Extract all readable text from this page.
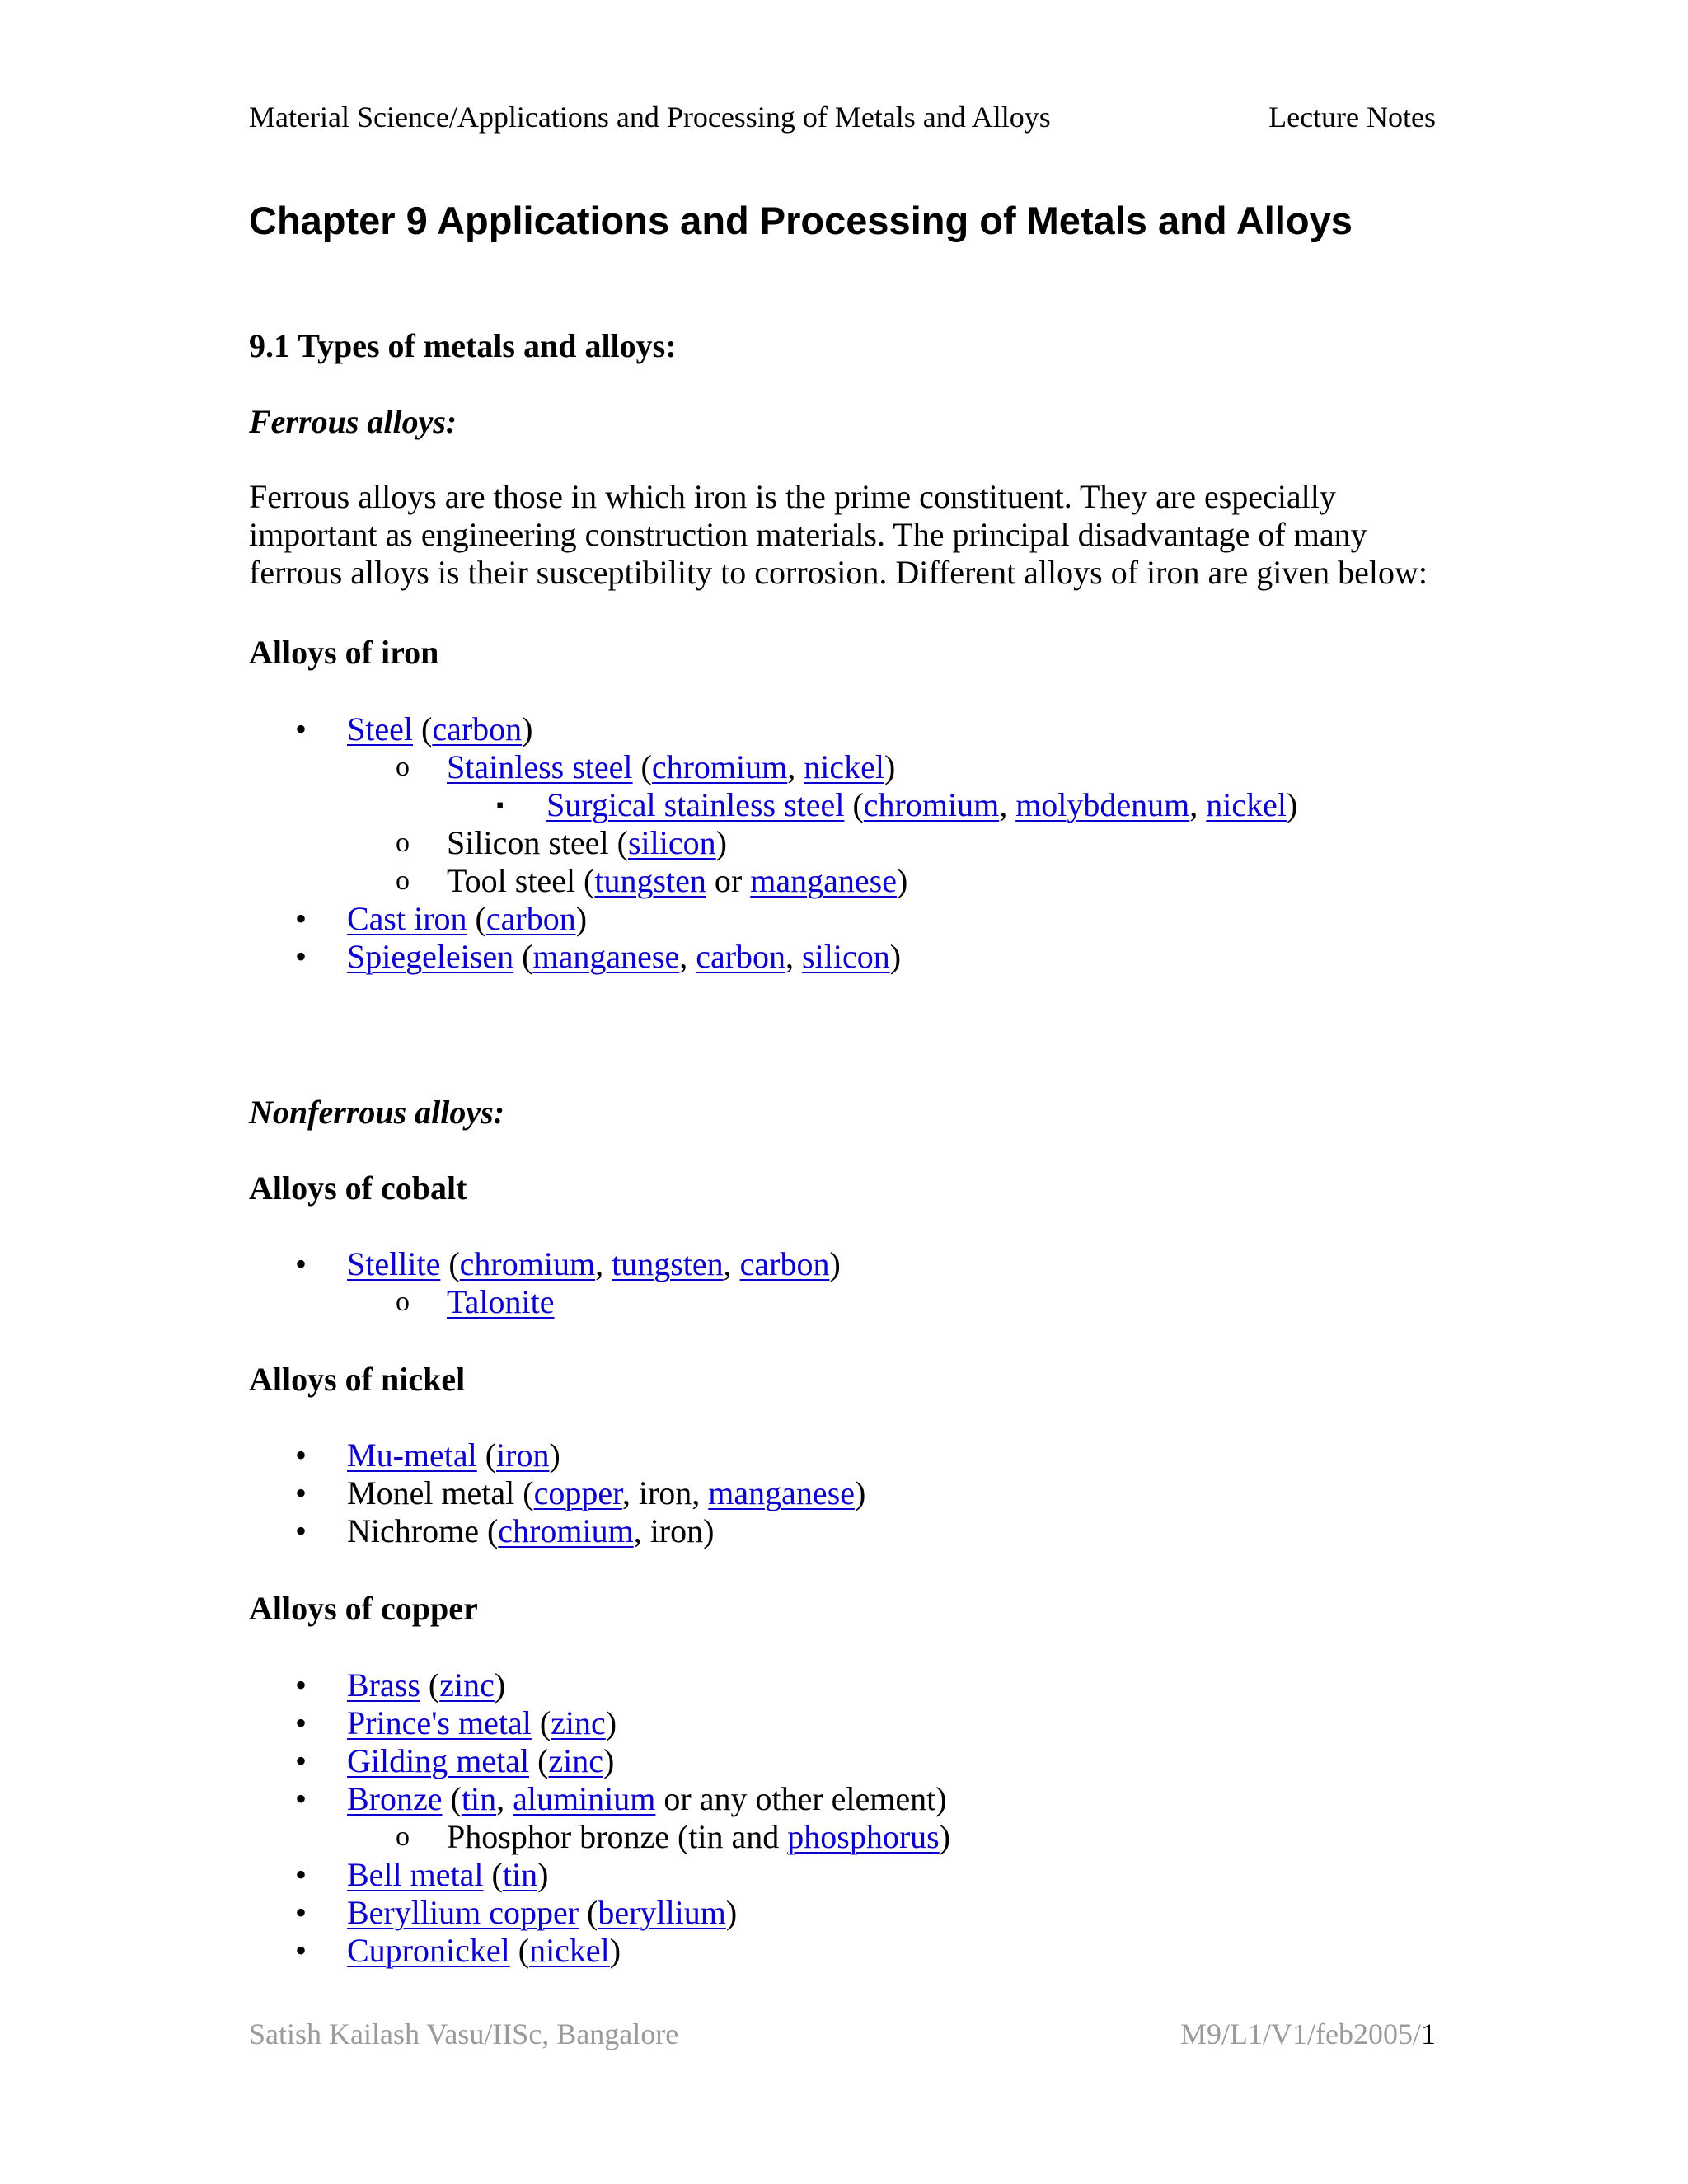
Material Science/Applications and Processing of Metals and Alloys	Lecture Notes
Chapter 9 Applications and Processing of Metals and Alloys
9.1 Types of metals and alloys:
Ferrous alloys:

Ferrous alloys are those in which iron is the prime constituent. They are especially

important as engineering construction materials. The principal disadvantage of many

ferrous alloys is their susceptibility to corrosion. Different alloys of iron are given below:

Alloys of iron
• Steel (carbon)
o Stainless steel (chromium, nickel)
▪ Surgical stainless steel (chromium, molybdenum, nickel)
o Silicon steel (silicon)
o Tool steel (tungsten or manganese)
• Cast iron (carbon)
• Spiegeleisen (manganese, carbon, silicon)
Nonferrous alloys:
Alloys of cobalt
• Stellite (chromium, tungsten, carbon)
o Talonite
Alloys of nickel
• Mu-metal (iron)
• Monel metal (copper, iron, manganese)
• Nichrome (chromium, iron)
Alloys of copper
• Brass (zinc)
• Prince's metal (zinc)
• Gilding metal (zinc)
• Bronze (tin, aluminium or any other element)
o Phosphor bronze (tin and phosphorus)
• Bell metal (tin)
• Beryllium copper (beryllium)
• Cupronickel (nickel)
Satish Kailash Vasu/IISc, Bangalore	M9/L1/V1/feb2005/1
